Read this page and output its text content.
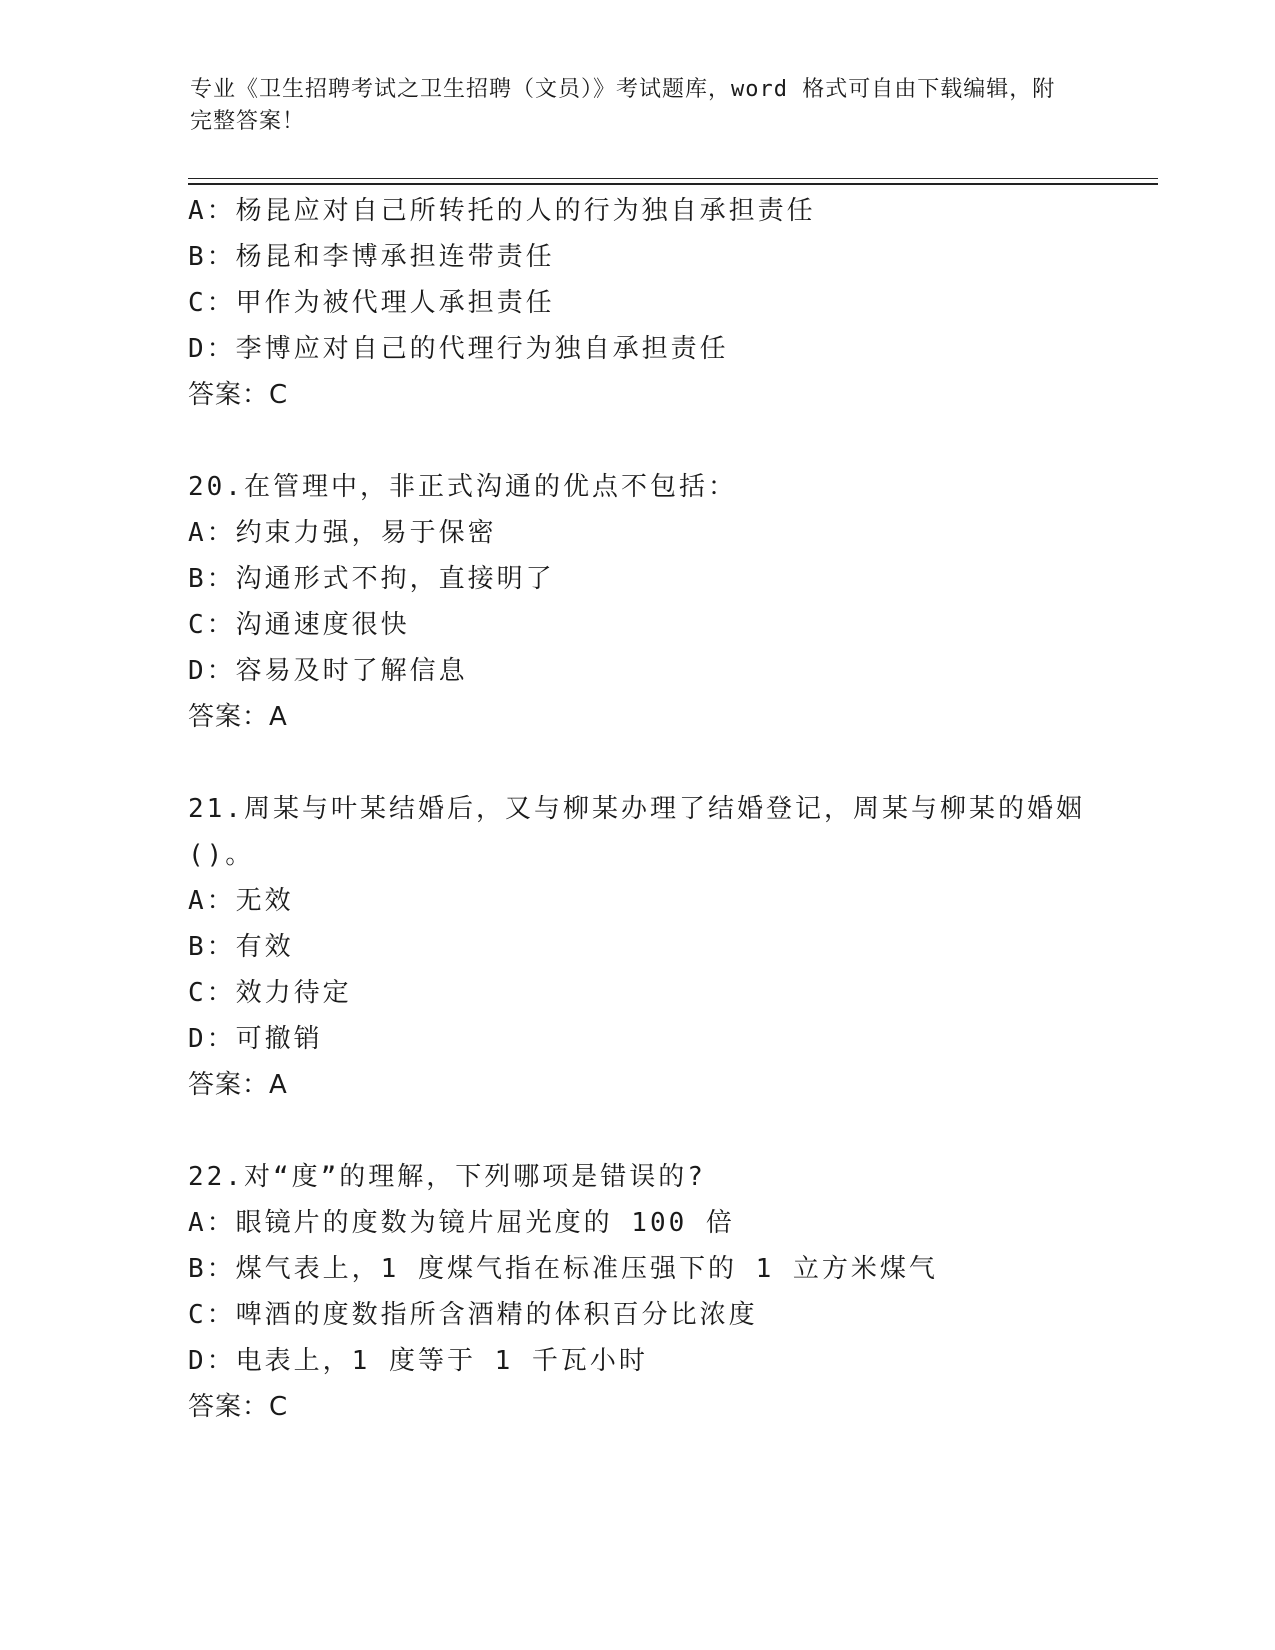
专业《卫生招聘考试之卫生招聘（文员）》考试题库，word 格式可自由下载编辑，附完整答案！
A：杨昆应对自己所转托的人的行为独自承担责任
B：杨昆和李博承担连带责任
C：甲作为被代理人承担责任
D：李博应对自己的代理行为独自承担责任
答案：C
20.在管理中，非正式沟通的优点不包括：
A：约束力强，易于保密
B：沟通形式不拘，直接明了
C：沟通速度很快
D：容易及时了解信息
答案：A
21.周某与叶某结婚后，又与柳某办理了结婚登记，周某与柳某的婚姻
()。
A：无效
B：有效
C：效力待定
D：可撤销
答案：A
22.对“度”的理解，下列哪项是错误的?
A：眼镜片的度数为镜片屈光度的 100 倍
B：煤气表上，1 度煤气指在标准压强下的 1 立方米煤气
C：啤酒的度数指所含酒精的体积百分比浓度
D：电表上，1 度等于 1 千瓦小时
答案：C
